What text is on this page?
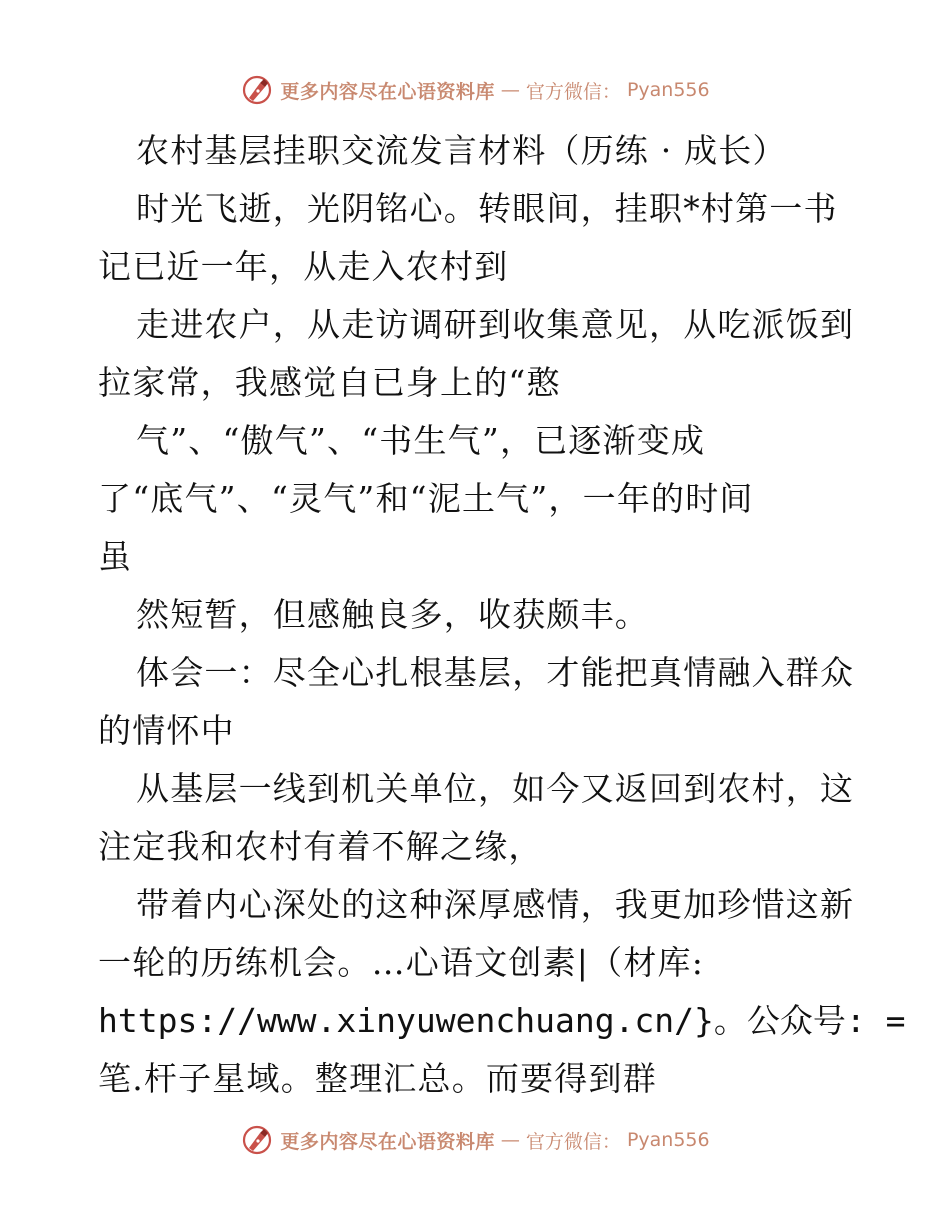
更多内容尽在心语资料库 — 官方微信： Pyan556
农村基层挂职交流发言材料（历练 · 成长）
时光飞逝，光阴铭心。转眼间，挂职*村第一书
记已近一年，从走入农村到
走进农户，从走访调研到收集意见，从吃派饭到
拉家常，我感觉自已身上的“憨
气”、“傲气”、“书生气”，已逐渐变成
了“底气”、“灵气”和“泥土气”，一年的时间
虽
然短暂，但感触良多，收获颇丰。
体会一：尽全心扎根基层，才能把真情融入群众
的情怀中
从基层一线到机关单位，如今又返回到农村，这
注定我和农村有着不解之缘，
带着内心深处的这种深厚感情，我更加珍惜这新
一轮的历练机会。…心语文创素|（材库:
https://www.xinyuwenchuang.cn/}。公众号: =
笔.杆子星域。整理汇总。而要得到群
更多内容尽在心语资料库 — 官方微信： Pyan556
